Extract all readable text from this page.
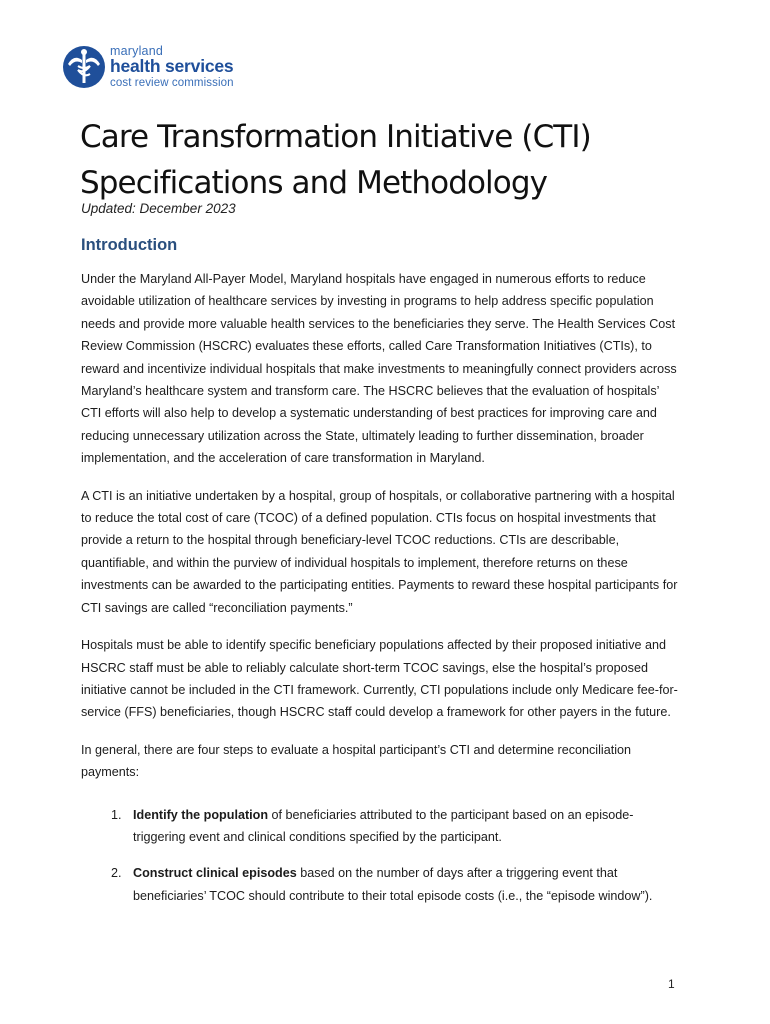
maryland
health services
cost review commission
Care Transformation Initiative (CTI)
Specifications and Methodology
Updated: December 2023
Introduction

Under the Maryland All-Payer Model, Maryland hospitals have engaged in numerous efforts to reduce avoidable utilization of healthcare services by investing in programs to help address specific population needs and provide more valuable health services to the beneficiaries they serve. The Health Services Cost Review Commission (HSCRC) evaluates these efforts, called Care Transformation Initiatives (CTIs), to reward and incentivize individual hospitals that make investments to meaningfully connect providers across Maryland’s healthcare system and transform care. The HSCRC believes that the evaluation of hospitals’ CTI efforts will also help to develop a systematic understanding of best practices for improving care and reducing unnecessary utilization across the State, ultimately leading to further dissemination, broader implementation, and the acceleration of care transformation in Maryland.

A CTI is an initiative undertaken by a hospital, group of hospitals, or collaborative partnering with a hospital to reduce the total cost of care (TCOC) of a defined population. CTIs focus on hospital investments that provide a return to the hospital through beneficiary-level TCOC reductions. CTIs are describable, quantifiable, and within the purview of individual hospitals to implement, therefore returns on these investments can be awarded to the participating entities. Payments to reward these hospital participants for CTI savings are called “reconciliation payments.”

Hospitals must be able to identify specific beneficiary populations affected by their proposed initiative and HSCRC staff must be able to reliably calculate short-term TCOC savings, else the hospital’s proposed initiative cannot be included in the CTI framework. Currently, CTI populations include only Medicare fee-for-service (FFS) beneficiaries, though HSCRC staff could develop a framework for other payers in the future.

In general, there are four steps to evaluate a hospital participant’s CTI and determine reconciliation payments:

1. Identify the population of beneficiaries attributed to the participant based on an episode-triggering event and clinical conditions specified by the participant.
2. Construct clinical episodes based on the number of days after a triggering event that beneficiaries’ TCOC should contribute to their total episode costs (i.e., the “episode window”).
1
